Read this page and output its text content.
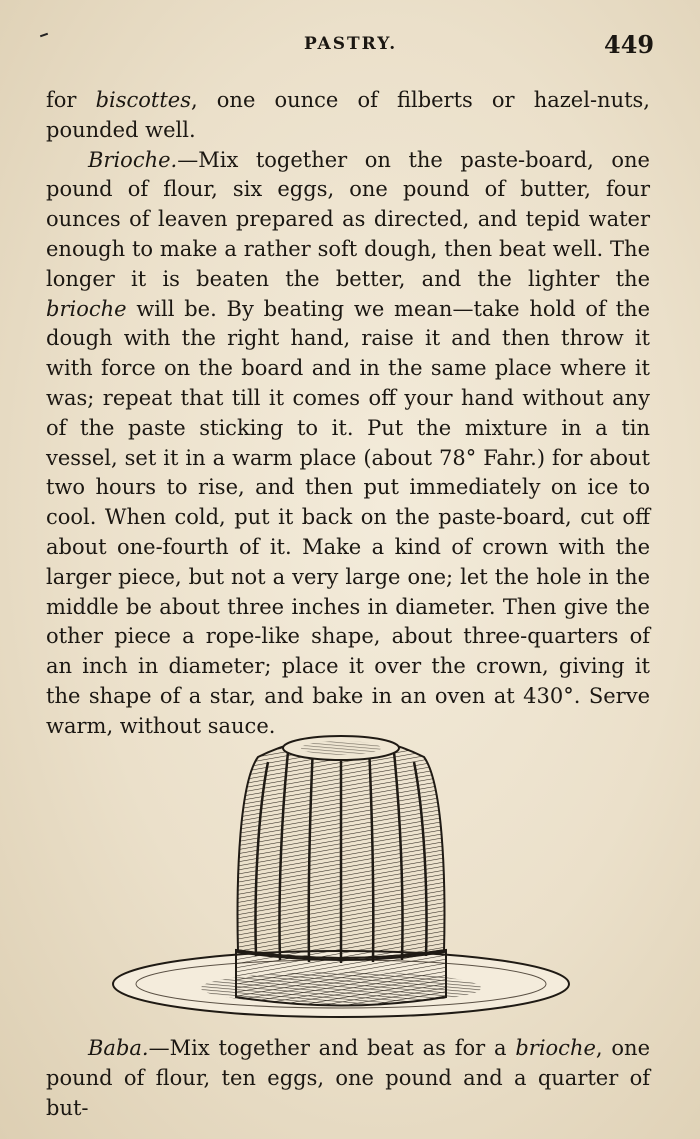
PASTRY.	449

for biscottes, one ounce of filberts or hazel-nuts, pounded well.

Brioche.—Mix together on the paste-board, one pound of flour, six eggs, one pound of butter, four ounces of leaven prepared as directed, and tepid water enough to make a rather soft dough, then beat well. The longer it is beaten the better, and the lighter the brioche will be. By beating we mean—take hold of the dough with the right hand, raise it and then throw it with force on the board and in the same place where it was; repeat that till it comes off your hand without any of the paste sticking to it. Put the mixture in a tin vessel, set it in a warm place (about 78° Fahr.) for about two hours to rise, and then put immediately on ice to cool. When cold, put it back on the paste-board, cut off about one-fourth of it. Make a kind of crown with the larger piece, but not a very large one; let the hole in the middle be about three inches in diameter. Then give the other piece a rope-like shape, about three-quarters of an inch in diameter; place it over the crown, giving it the shape of a star, and bake in an oven at 430°. Serve warm, without sauce.

Baba.—Mix together and beat as for a brioche, one pound of flour, ten eggs, one pound and a quarter of but-
